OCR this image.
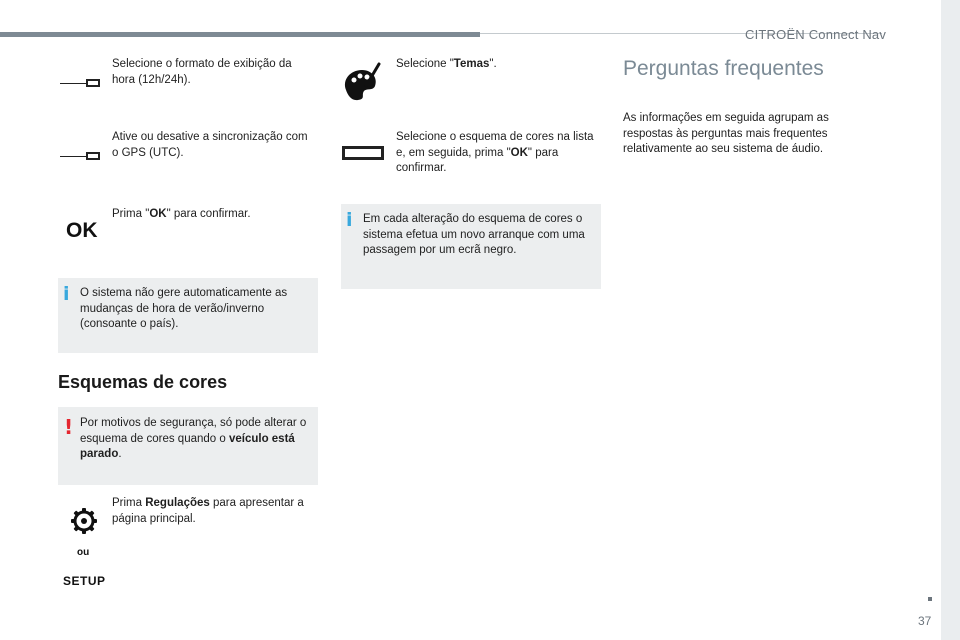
CITROËN Connect Nav
37
Selecione o formato de exibição da hora (12h/24h).
Ative ou desative a sincronização com o GPS (UTC).
OK
Prima "OK" para confirmar.
i O sistema não gere automaticamente as mudanças de hora de verão/inverno (consoante o país).
Esquemas de cores
! Por motivos de segurança, só pode alterar o esquema de cores quando o veículo está parado.
ou
SETUP
Prima Regulações para apresentar a página principal.
Selecione "Temas".
Selecione o esquema de cores na lista e, em seguida, prima "OK" para confirmar.
i Em cada alteração do esquema de cores o sistema efetua um novo arranque com uma passagem por um ecrã negro.
Perguntas frequentes
As informações em seguida agrupam as respostas às perguntas mais frequentes relativamente ao seu sistema de áudio.
